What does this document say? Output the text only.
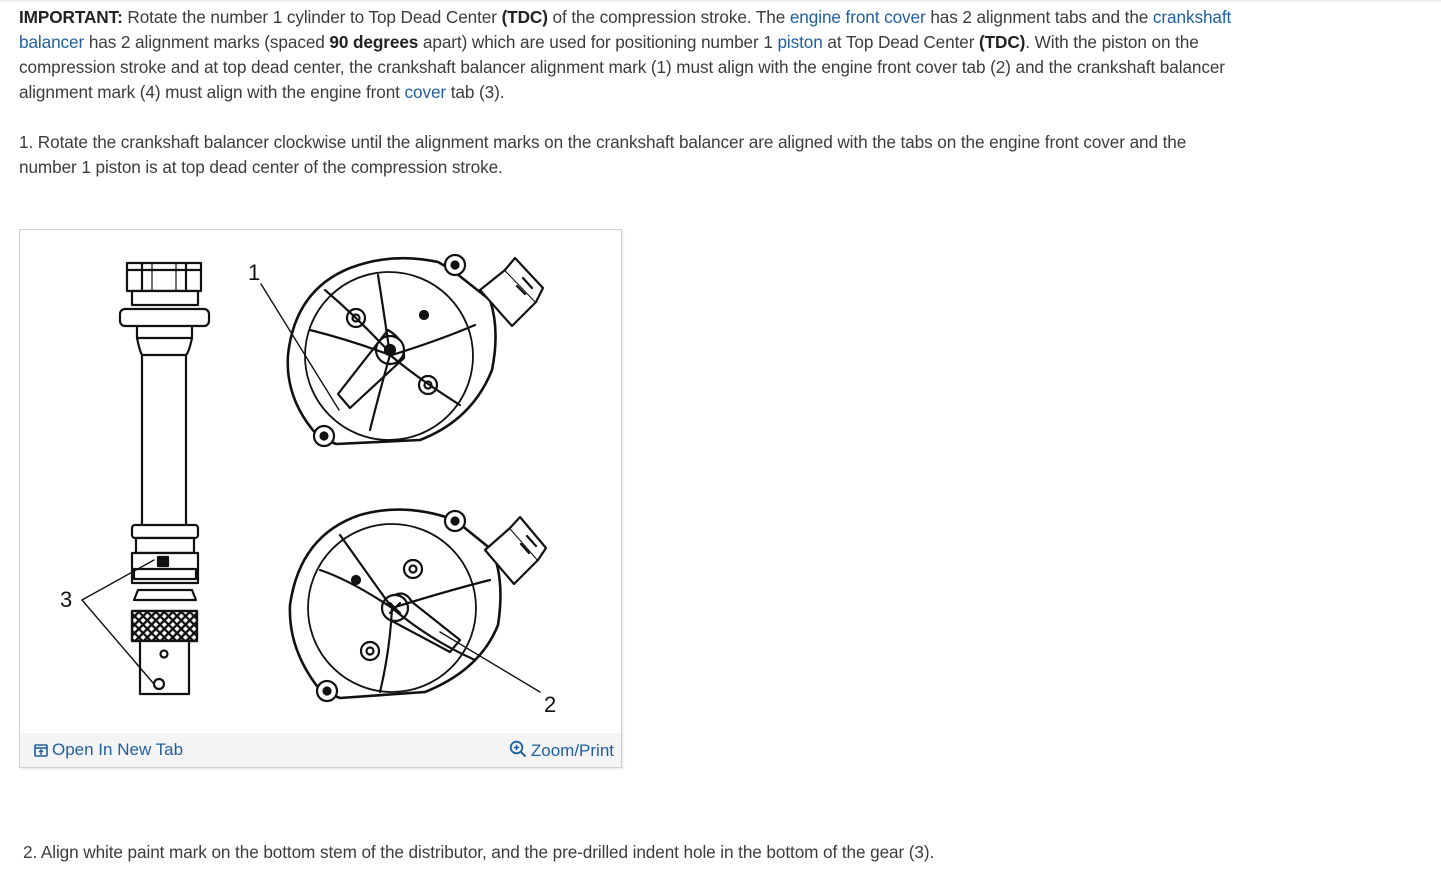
IMPORTANT: Rotate the number 1 cylinder to Top Dead Center (TDC) of the compression stroke. The engine front cover has 2 alignment tabs and the crankshaft balancer has 2 alignment marks (spaced 90 degrees apart) which are used for positioning number 1 piston at Top Dead Center (TDC). With the piston on the compression stroke and at top dead center, the crankshaft balancer alignment mark (1) must align with the engine front cover tab (2) and the crankshaft balancer alignment mark (4) must align with the engine front cover tab (3).
1. Rotate the crankshaft balancer clockwise until the alignment marks on the crankshaft balancer are aligned with the tabs on the engine front cover and the number 1 piston is at top dead center of the compression stroke.
1
3
2
Open In New Tab	Zoom/Print
2. Align white paint mark on the bottom stem of the distributor, and the pre-drilled indent hole in the bottom of the gear (3).
